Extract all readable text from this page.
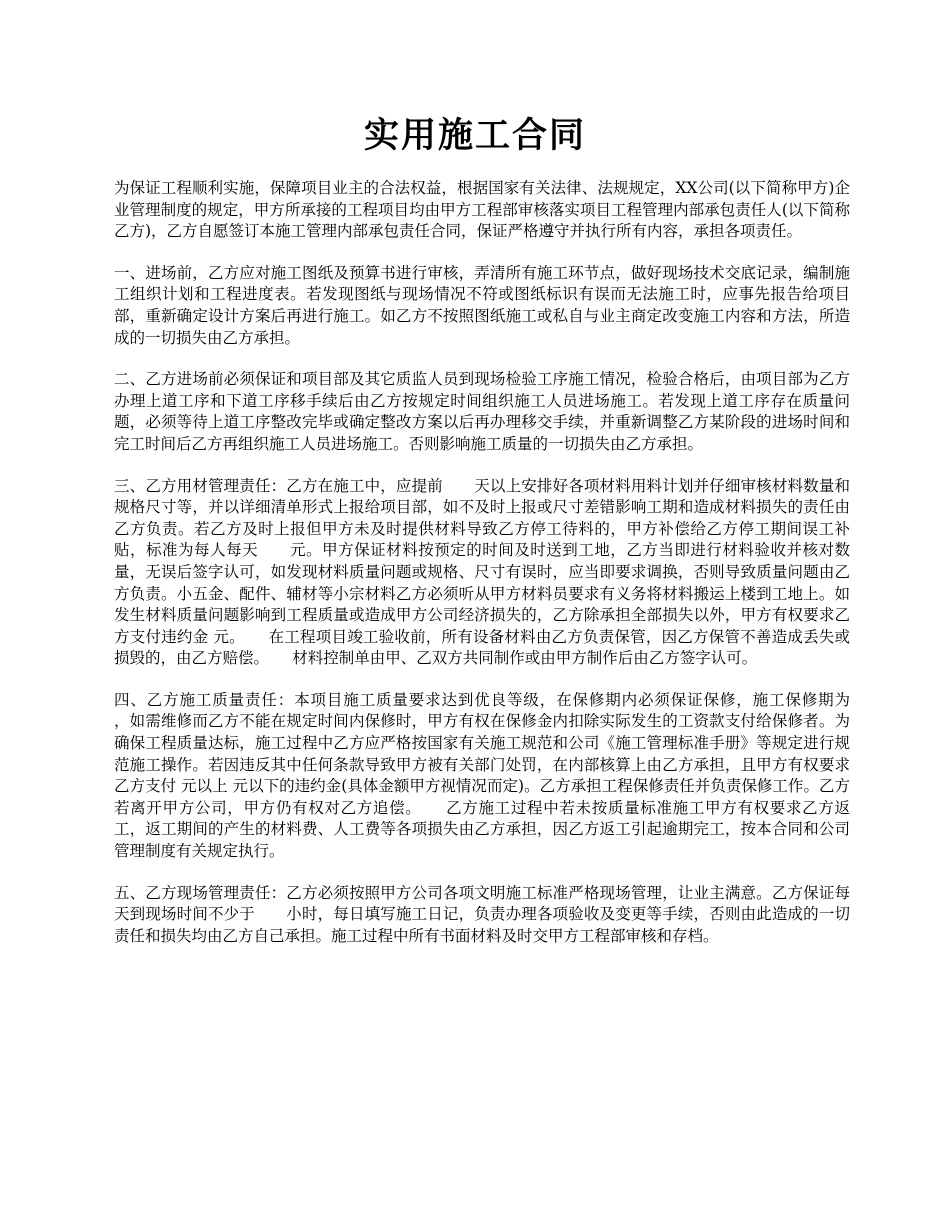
实用施工合同

为保证工程顺利实施，保障项目业主的合法权益，根据国家有关法律、法规规定，XX公司(以下简称甲方)企业管理制度的规定，甲方所承接的工程项目均由甲方工程部审核落实项目工程管理内部承包责任人(以下简称乙方)，乙方自愿签订本施工管理内部承包责任合同，保证严格遵守并执行所有内容，承担各项责任。

一、进场前，乙方应对施工图纸及预算书进行审核，弄清所有施工环节点，做好现场技术交底记录，编制施工组织计划和工程进度表。若发现图纸与现场情况不符或图纸标识有误而无法施工时，应事先报告给项目部，重新确定设计方案后再进行施工。如乙方不按照图纸施工或私自与业主商定改变施工内容和方法，所造成的一切损失由乙方承担。

二、乙方进场前必须保证和项目部及其它质监人员到现场检验工序施工情况，检验合格后，由项目部为乙方办理上道工序和下道工序移手续后由乙方按规定时间组织施工人员进场施工。若发现上道工序存在质量问题，必须等待上道工序整改完毕或确定整改方案以后再办理移交手续，并重新调整乙方某阶段的进场时间和完工时间后乙方再组织施工人员进场施工。否则影响施工质量的一切损失由乙方承担。

三、乙方用材管理责任：乙方在施工中，应提前　　天以上安排好各项材料用料计划并仔细审核材料数量和规格尺寸等，并以详细清单形式上报给项目部，如不及时上报或尺寸差错影响工期和造成材料损失的责任由乙方负责。若乙方及时上报但甲方未及时提供材料导致乙方停工待料的，甲方补偿给乙方停工期间误工补贴，标准为每人每天　　元。甲方保证材料按预定的时间及时送到工地，乙方当即进行材料验收并核对数量，无误后签字认可，如发现材料质量问题或规格、尺寸有误时，应当即要求调换，否则导致质量问题由乙方负责。小五金、配件、辅材等小宗材料乙方必须听从甲方材料员要求有义务将材料搬运上楼到工地上。如发生材料质量问题影响到工程质量或造成甲方公司经济损失的，乙方除承担全部损失以外，甲方有权要求乙方支付违约金 元。　　在工程项目竣工验收前，所有设备材料由乙方负责保管，因乙方保管不善造成丢失或损毁的，由乙方赔偿。　　材料控制单由甲、乙双方共同制作或由甲方制作后由乙方签字认可。

四、乙方施工质量责任：本项目施工质量要求达到优良等级，在保修期内必须保证保修，施工保修期为　　，如需维修而乙方不能在规定时间内保修时，甲方有权在保修金内扣除实际发生的工资款支付给保修者。为确保工程质量达标，施工过程中乙方应严格按国家有关施工规范和公司《施工管理标准手册》等规定进行规范施工操作。若因违反其中任何条款导致甲方被有关部门处罚，在内部核算上由乙方承担，且甲方有权要求乙方支付 元以上 元以下的违约金(具体金额甲方视情况而定)。乙方承担工程保修责任并负责保修工作。乙方若离开甲方公司，甲方仍有权对乙方追偿。　　乙方施工过程中若未按质量标准施工甲方有权要求乙方返工，返工期间的产生的材料费、人工费等各项损失由乙方承担，因乙方返工引起逾期完工，按本合同和公司管理制度有关规定执行。

五、乙方现场管理责任：乙方必须按照甲方公司各项文明施工标准严格现场管理，让业主满意。乙方保证每天到现场时间不少于　　小时，每日填写施工日记，负责办理各项验收及变更等手续，否则由此造成的一切责任和损失均由乙方自己承担。施工过程中所有书面材料及时交甲方工程部审核和存档。
